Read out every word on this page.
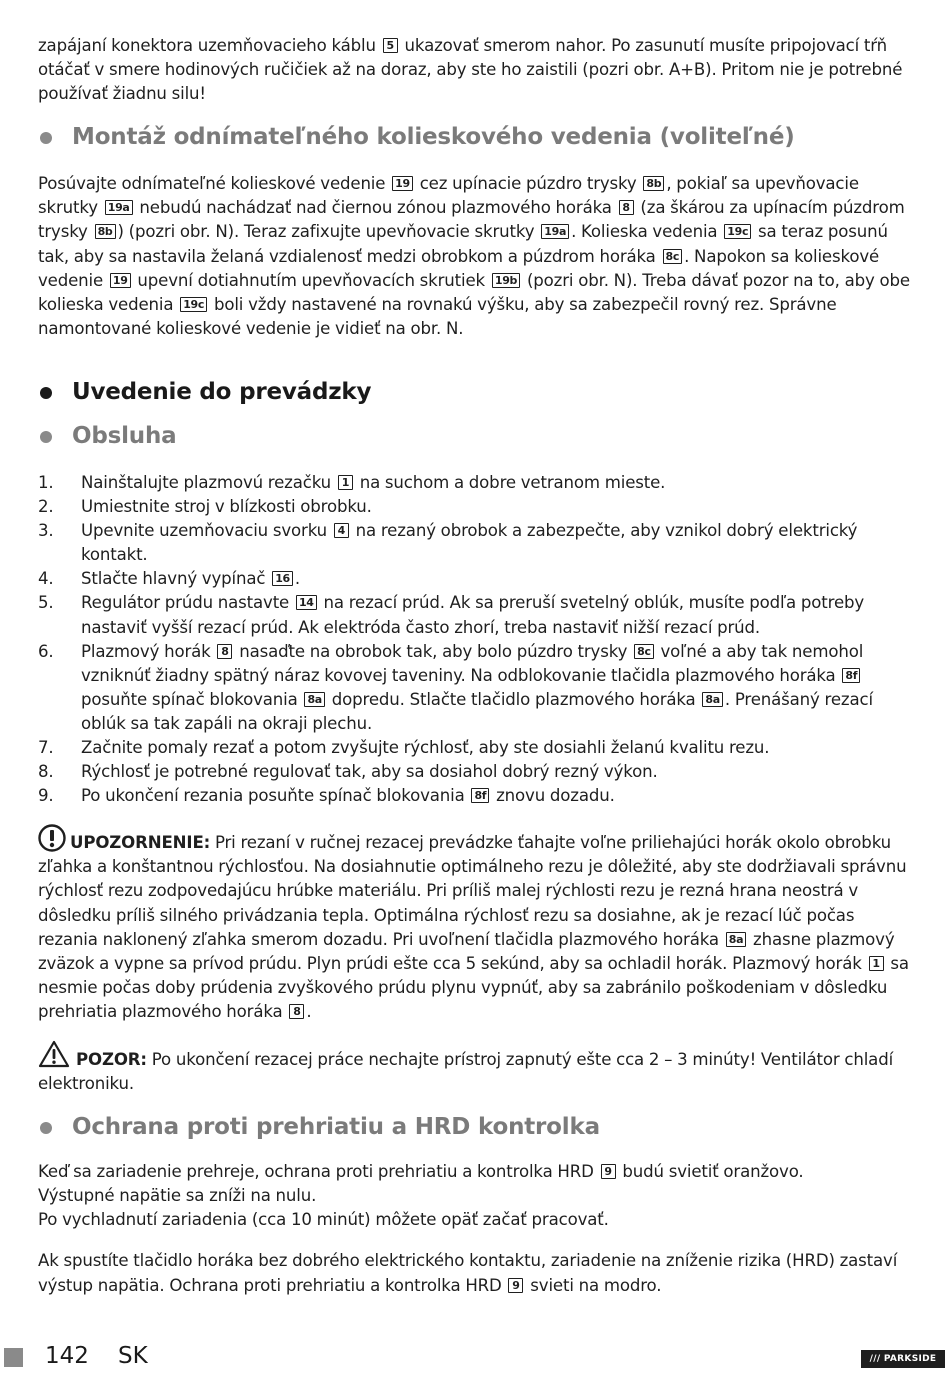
zapájaní konektora uzemňovacieho káblu 5 ukazovať smerom nahor. Po zasunutí musíte pripojovací tŕň otáčať v smere hodinových ručičiek až na doraz, aby ste ho zaistili (pozri obr. A+B). Pritom nie je potrebné používať žiadnu silu!

Montáž odnímateľného kolieskového vedenia (voliteľné)

Posúvajte odnímateľné kolieskové vedenie 19 cez upínacie púzdro trysky 8b , pokiaľ sa upevňovacie skrutky 19a nebudú nachádzať nad čiernou zónou plazmového horáka 8 (za škárou za upínacím púzdrom trysky 8b ) (pozri obr. N). Teraz zafixujte upevňovacie skrutky 19a . Kolieska vedenia 19c sa teraz posunú tak, aby sa nastavila želaná vzdialenosť medzi obrobkom a púzdrom horáka 8c . Napokon sa kolieskové vedenie 19 upevní dotiahnutím upevňovacích skrutiek 19b (pozri obr. N). Treba dávať pozor na to, aby obe kolieska vedenia 19c boli vždy nastavené na rovnakú výšku, aby sa zabezpečil rovný rez. Správne namontované kolieskové vedenie je vidieť na obr. N.

Uvedenie do prevádzky
Obsluha
1. Nainštalujte plazmovú rezačku 1 na suchom a dobre vetranom mieste.
2. Umiestnite stroj v blízkosti obrobku.
3. Upevnite uzemňovaciu svorku 4 na rezaný obrobok a zabezpečte, aby vznikol dobrý elektrický kontakt.
4. Stlačte hlavný vypínač 16 .
5. Regulátor prúdu nastavte 14 na rezací prúd. Ak sa preruší svetelný oblúk, musíte podľa potreby nastaviť vyšší rezací prúd. Ak elektróda často zhorí, treba nastaviť nižší rezací prúd.
6. Plazmový horák 8 nasaďte na obrobok tak, aby bolo púzdro trysky 8c voľné a aby tak nemohol vzniknúť žiadny spätný náraz kovovej taveniny. Na odblokovanie tlačidla plazmového horáka 8f posuňte spínač blokovania 8a dopredu. Stlačte tlačidlo plazmového horáka 8a . Prenášaný rezací oblúk sa tak zapáli na okraji plechu.
7. Začnite pomaly rezať a potom zvyšujte rýchlosť, aby ste dosiahli želanú kvalitu rezu.
8. Rýchlosť je potrebné regulovať tak, aby sa dosiahol dobrý rezný výkon.
9. Po ukončení rezania posuňte spínač blokovania 8f znovu dozadu.

UPOZORNENIE: Pri rezaní v ručnej rezacej prevádzke ťahajte voľne priliehajúci horák okolo obrobku zľahka a konštantnou rýchlosťou. Na dosiahnutie optimálneho rezu je dôležité, aby ste dodržiavali správnu rýchlosť rezu zodpovedajúcu hrúbke materiálu. Pri príliš malej rýchlosti rezu je rezná hrana neostrá v dôsledku príliš silného privádzania tepla. Optimálna rýchlosť rezu sa dosiahne, ak je rezací lúč počas rezania naklonený zľahka smerom dozadu. Pri uvoľnení tlačidla plazmového horáka 8a zhasne plazmový zväzok a vypne sa prívod prúdu. Plyn prúdi ešte cca 5 sekúnd, aby sa ochladil horák. Plazmový horák 1 sa nesmie počas doby prúdenia zvyškového prúdu plynu vypnúť, aby sa zabránilo poškodeniam v dôsledku prehriatia plazmového horáka 8 .

POZOR: Po ukončení rezacej práce nechajte prístroj zapnutý ešte cca 2 – 3 minúty! Ventilátor chladí elektroniku.

Ochrana proti prehriatiu a HRD kontrolka

Keď sa zariadenie prehreje, ochrana proti prehriatiu a kontrolka HRD 9 budú svietiť oranžovo.
Výstupné napätie sa zníži na nulu.
Po vychladnutí zariadenia (cca 10 minút) môžete opäť začať pracovať.

Ak spustíte tlačidlo horáka bez dobrého elektrického kontaktu, zariadenie na zníženie rizika (HRD) zastaví výstup napätia. Ochrana proti prehriatiu a kontrolka HRD 9 svieti na modro.

142 SK	/// PARKSIDE
